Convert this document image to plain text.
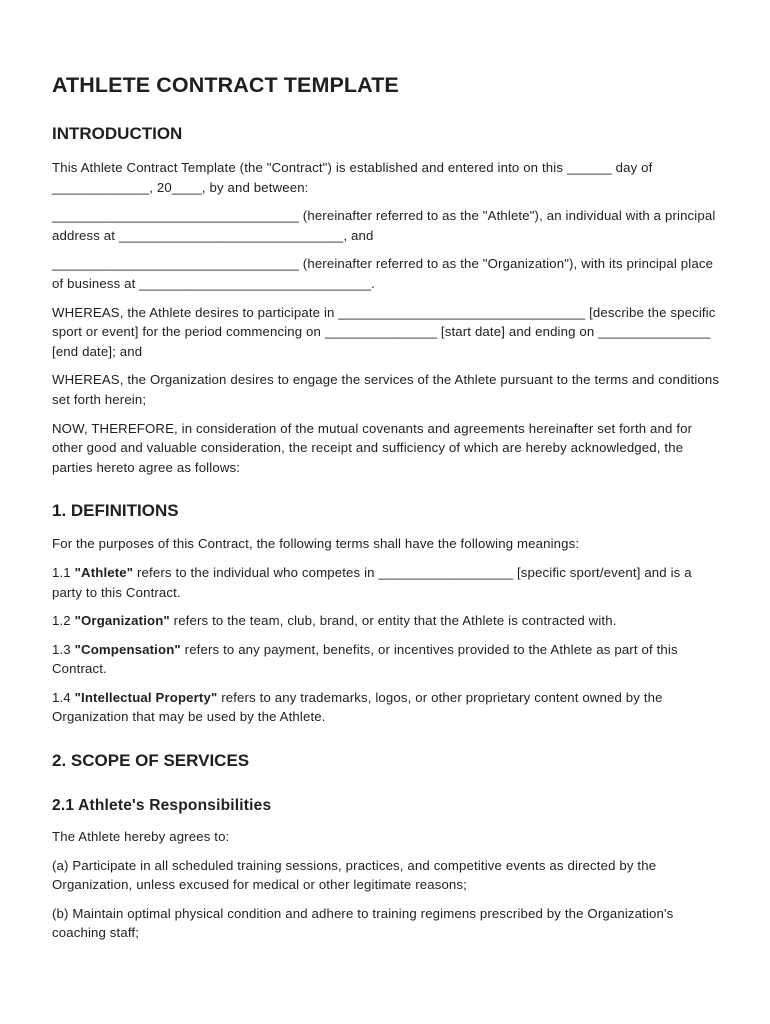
ATHLETE CONTRACT TEMPLATE
INTRODUCTION

This Athlete Contract Template (the "Contract") is established and entered into on this ______ day of _____________, 20____, by and between:

_________________________________ (hereinafter referred to as the "Athlete"), an individual with a principal address at ______________________________, and

_________________________________ (hereinafter referred to as the "Organization"), with its principal place of business at _______________________________.

WHEREAS, the Athlete desires to participate in _________________________________ [describe the specific sport or event] for the period commencing on _______________ [start date] and ending on _______________ [end date]; and

WHEREAS, the Organization desires to engage the services of the Athlete pursuant to the terms and conditions set forth herein;

NOW, THEREFORE, in consideration of the mutual covenants and agreements hereinafter set forth and for other good and valuable consideration, the receipt and sufficiency of which are hereby acknowledged, the parties hereto agree as follows:

1. DEFINITIONS

For the purposes of this Contract, the following terms shall have the following meanings:

1.1 "Athlete" refers to the individual who competes in __________________ [specific sport/event] and is a party to this Contract.

1.2 "Organization" refers to the team, club, brand, or entity that the Athlete is contracted with.

1.3 "Compensation" refers to any payment, benefits, or incentives provided to the Athlete as part of this Contract.

1.4 "Intellectual Property" refers to any trademarks, logos, or other proprietary content owned by the Organization that may be used by the Athlete.

2. SCOPE OF SERVICES
2.1 Athlete's Responsibilities

The Athlete hereby agrees to:

(a) Participate in all scheduled training sessions, practices, and competitive events as directed by the Organization, unless excused for medical or other legitimate reasons;

(b) Maintain optimal physical condition and adhere to training regimens prescribed by the Organization's coaching staff;
